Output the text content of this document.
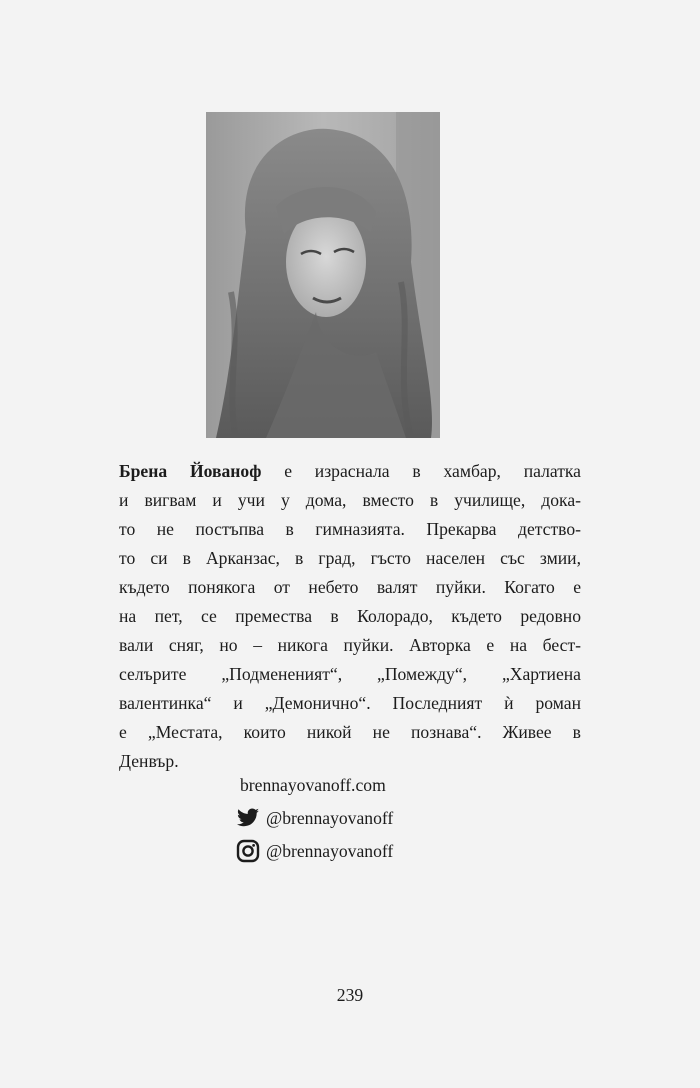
Брена Йованоф е израснала в хамбар, палатка
и вигвам и учи у дома, вместо в училище, дока-
то не постъпва в гимназията. Прекарва детство-
то си в Арканзас, в град, гъсто населен със змии,
където понякога от небето валят пуйки. Когато е
на пет, се премества в Колорадо, където редовно
вали сняг, но – никога пуйки. Авторка е на бест-
селърите „Подмененият“, „Помежду“, „Хартиена
валентинка“ и „Демонично“. Последният ѝ роман
е „Местата, които никой не познава“. Живее в
Денвър.
brennayovanoff.com
@brennayovanoff
@brennayovanoff
239
